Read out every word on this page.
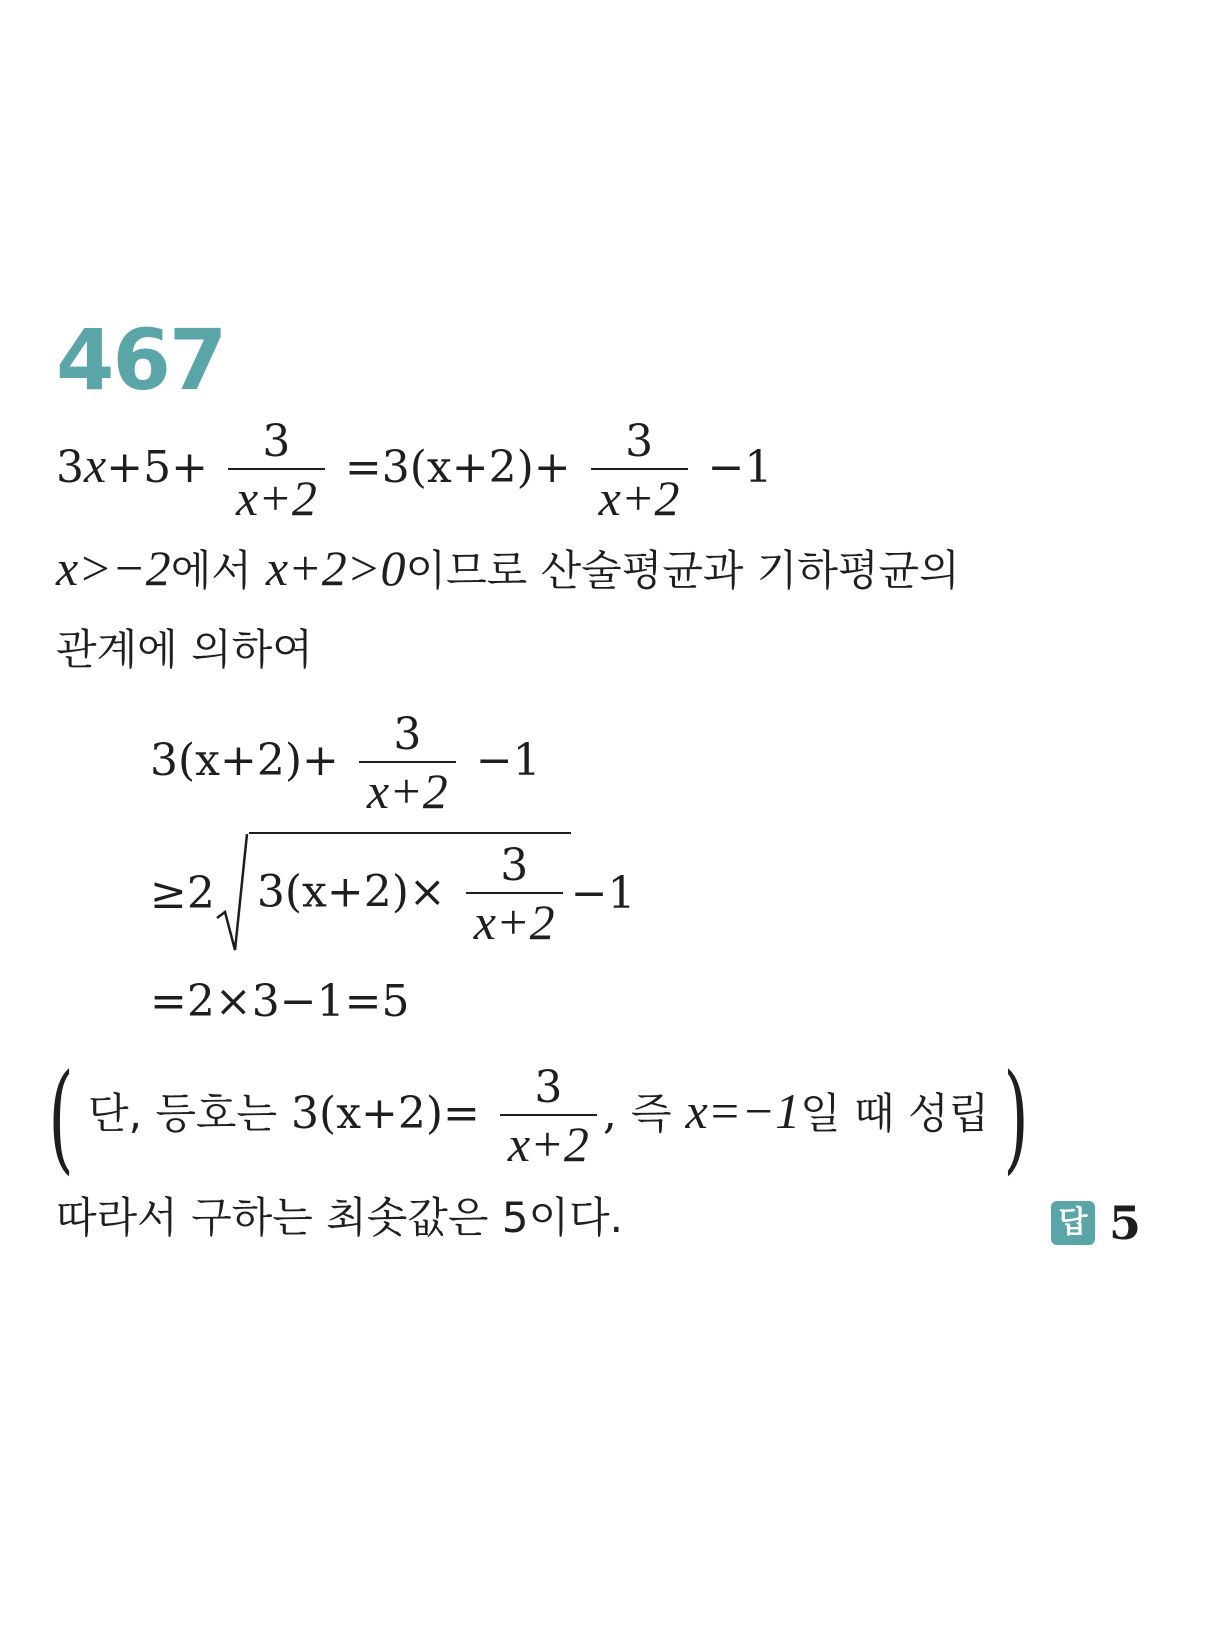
467
$3x+5+ \frac{3}{x+2} =3(x+2)+ \frac{3}{x+2} -1$
x>−2에서 x+2>0이므로 산술평균과 기하평균의
관계에 의하여
$3(x+2)+ \frac{3}{x+2} -1$
≥2 $3(x+2)\times \frac{3}{x+2} -1$
=2×3−1=5
( 단, 등호는 $3(x+2)= \frac{3}{x+2}$ , 즉 x=−1일 때 성립 )
따라서 구하는 최솟값은 5이다.	답 5
